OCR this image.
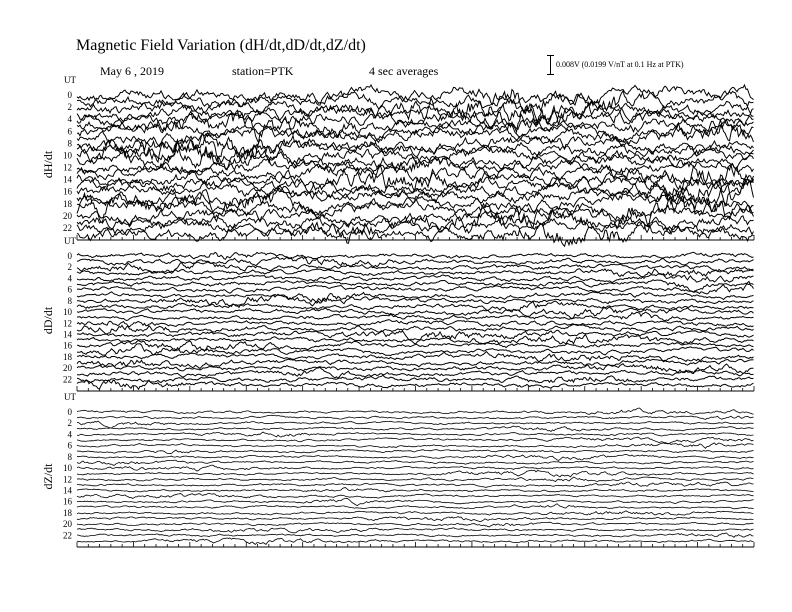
Magnetic Field Variation (dH/dt,dD/dt,dZ/dt)
May 6 , 2019	station=PTK	4 sec averages	0.008V (0.0199 V/nT at 0.1 Hz at PTK)
dH/dt
UT
0
2
4
6
8
10
12
14
16
18
20
22
dD/dt
UT
0
2
4
6
8
10
12
14
16
18
20
22
dZ/dt
UT
0
2
4
6
8
10
12
14
16
18
20
22
